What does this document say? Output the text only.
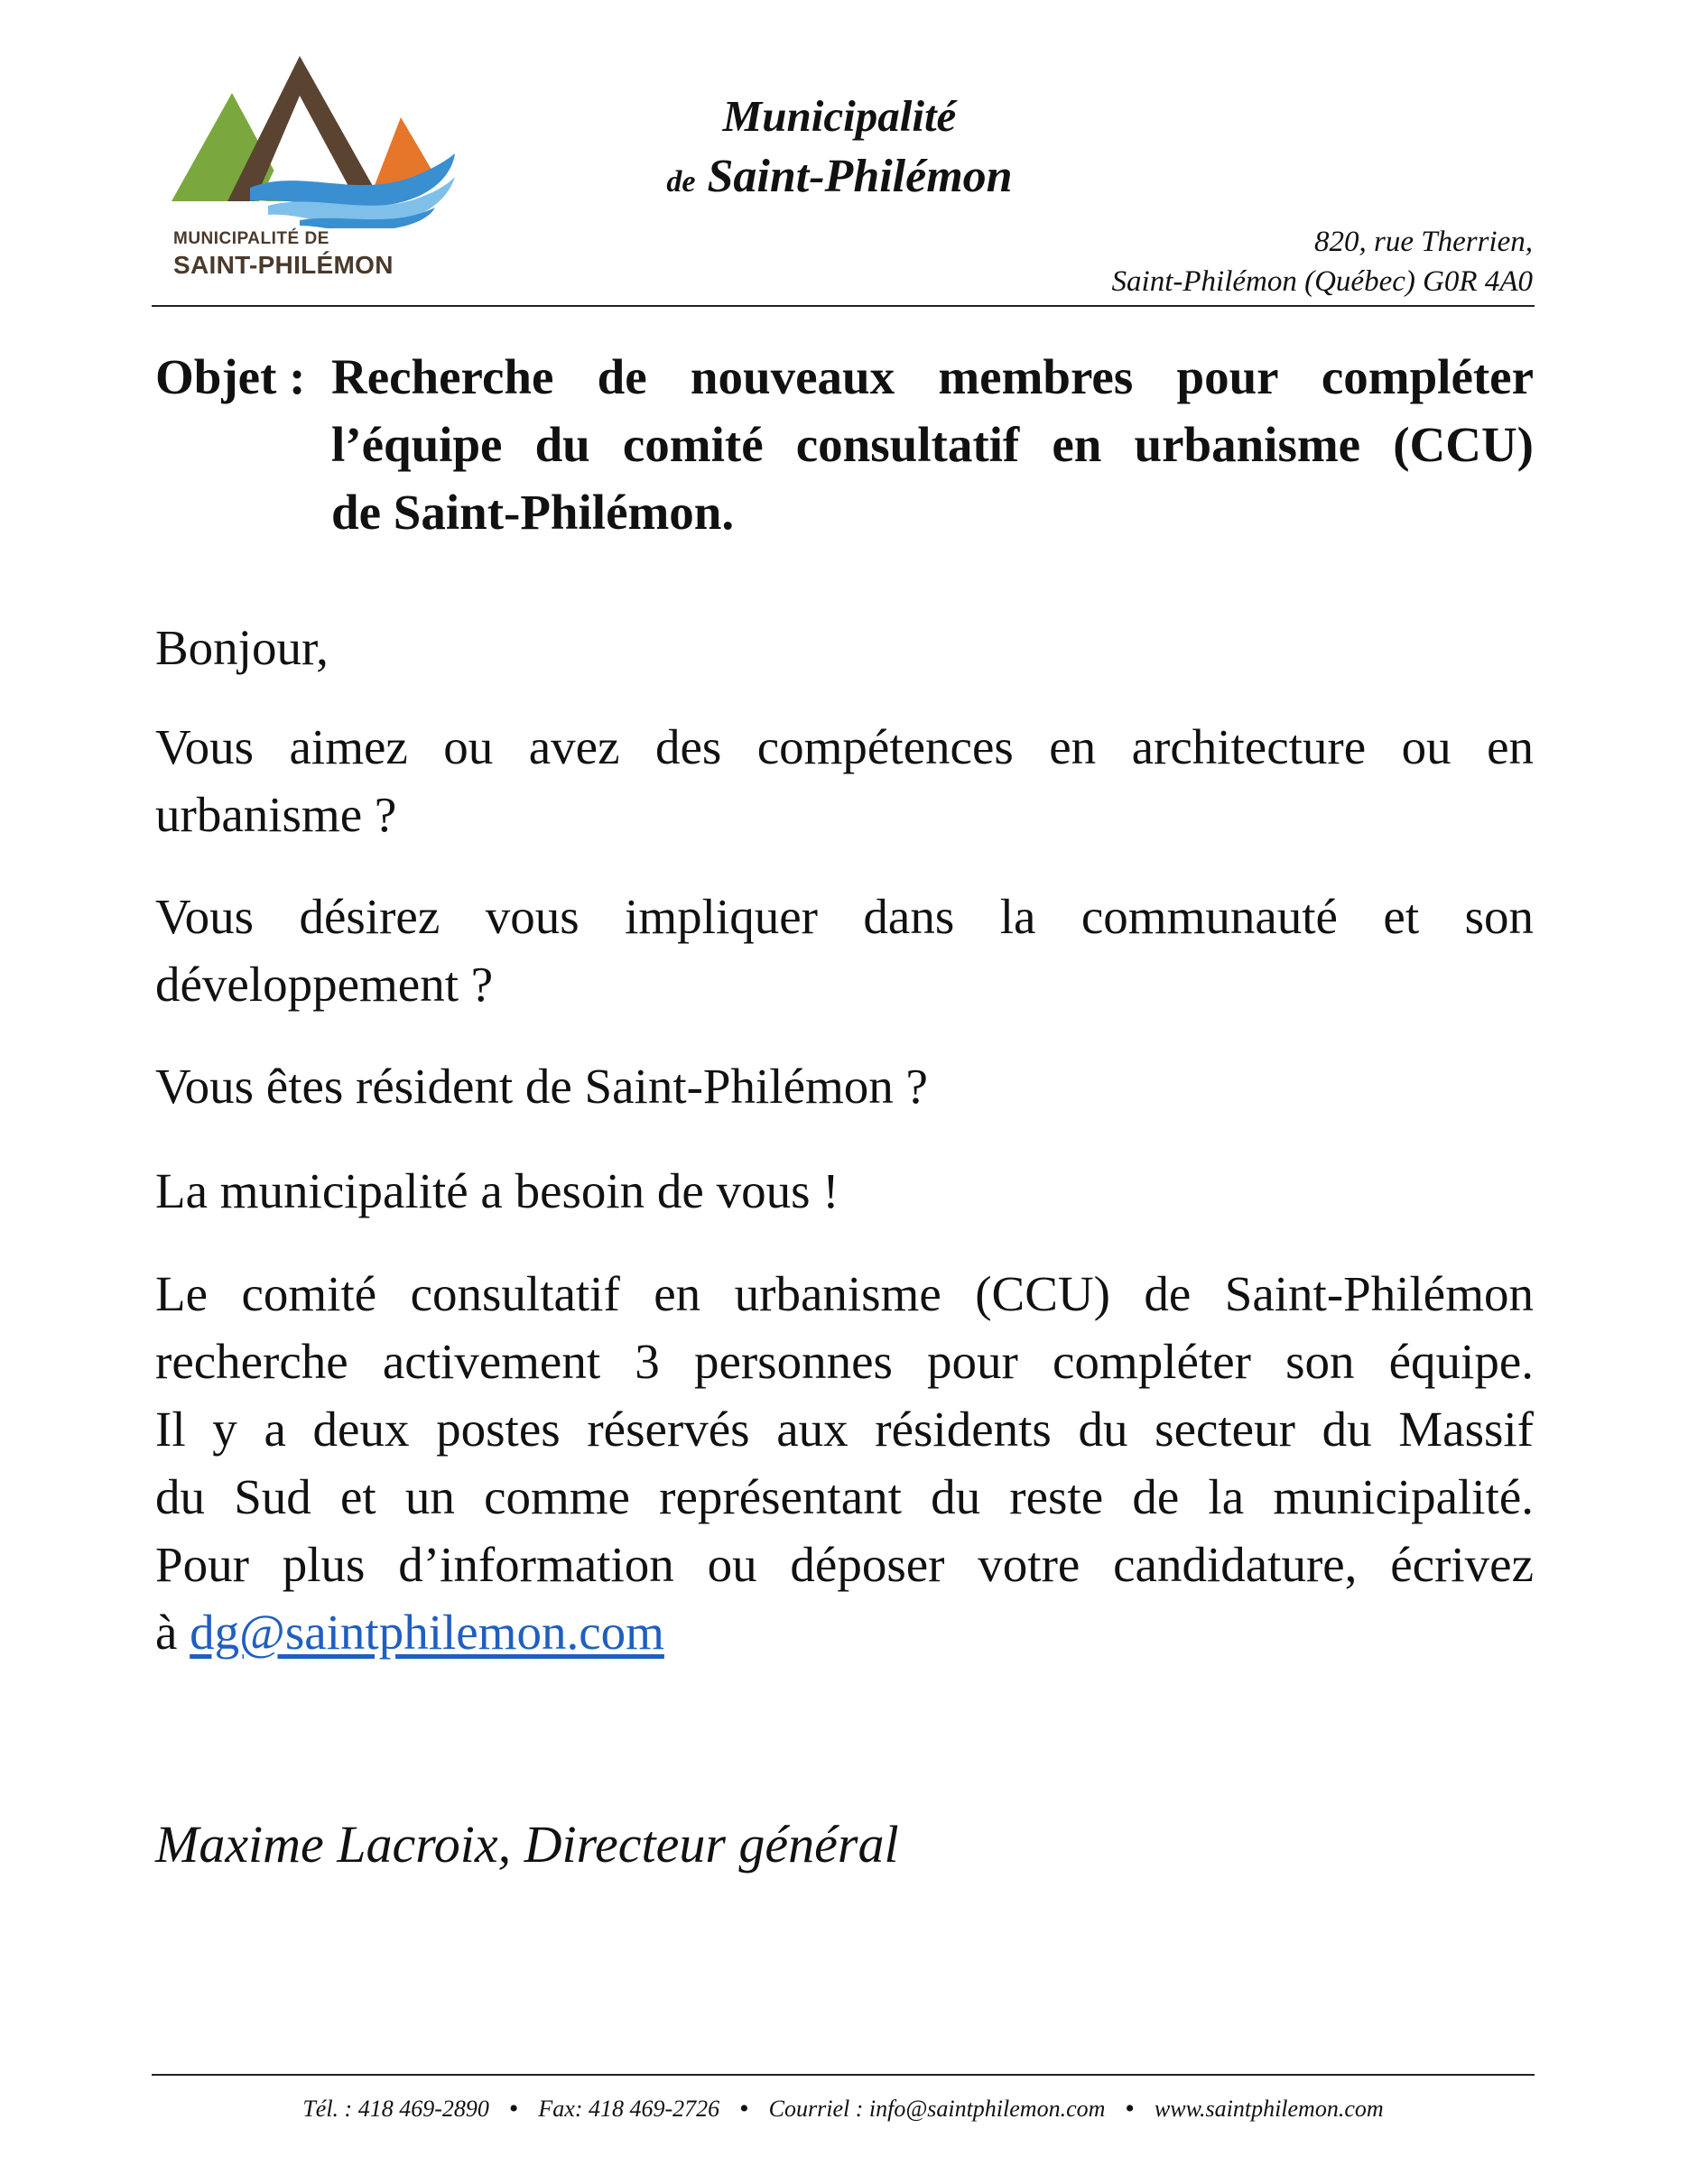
MUNICIPALITÉ DE
SAINT-PHILÉMON
Municipalité
de Saint-Philémon
820, rue Therrien,
Saint-Philémon (Québec) G0R 4A0
Objet : Recherche de nouveaux membres pour compléter
l’équipe du comité consultatif en urbanisme (CCU)
de Saint-Philémon.
Bonjour,
Vous aimez ou avez des compétences en architecture ou en
urbanisme ?
Vous désirez vous impliquer dans la communauté et son
développement ?
Vous êtes résident de Saint-Philémon ?
La municipalité a besoin de vous !
Le comité consultatif en urbanisme (CCU) de Saint-Philémon
recherche activement 3 personnes pour compléter son équipe.
Il y a deux postes réservés aux résidents du secteur du Massif
du Sud et un comme représentant du reste de la municipalité.
Pour plus d’information ou déposer votre candidature, écrivez
à dg@saintphilemon.com
Maxime Lacroix, Directeur général
Tél. : 418 469-2890 • Fax: 418 469-2726 • Courriel : info@saintphilemon.com • www.saintphilemon.com
